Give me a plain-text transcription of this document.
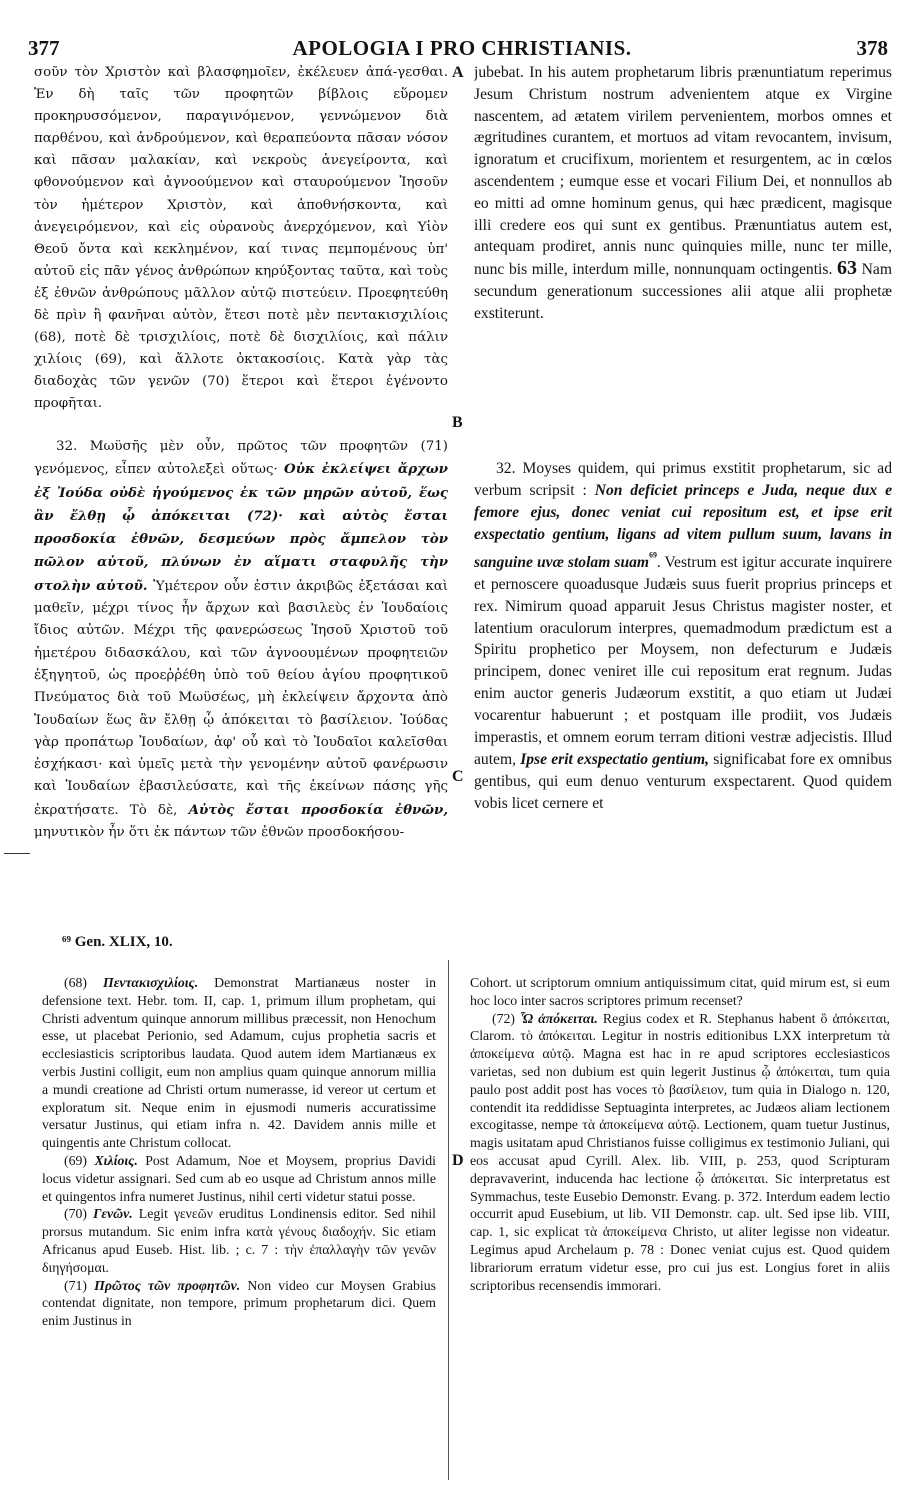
377	APOLOGIA I PRO CHRISTIANIS.	378
A
B
C
D

σοῦν τὸν Χριστὸν καὶ βλασφημοῖεν, ἐκέλευεν ἀπά-γεσθαι. Ἐν δὴ ταῖς τῶν προφητῶν βίβλοις εὕρομεν προκηρυσσόμενον, παραγινόμενον, γεννώμενον διὰ παρθένου, καὶ ἀνδρούμενον, καὶ θεραπεύοντα πᾶσαν νόσον καὶ πᾶσαν μαλακίαν, καὶ νεκροὺς ἀνεγείροντα, καὶ φθονούμενον καὶ ἀγνοούμενον καὶ σταυρούμενον Ἰησοῦν τὸν ἡμέτερον Χριστὸν, καὶ ἀποθνήσκοντα, καὶ ἀνεγειρόμενον, καὶ εἰς οὐρανοὺς ἀνερχόμενον, καὶ Υἱὸν Θεοῦ ὄντα καὶ κεκλημένον, καί τινας πεμπομένους ὑπ' αὐτοῦ εἰς πᾶν γένος ἀνθρώπων κηρύξοντας ταῦτα, καὶ τοὺς ἐξ ἐθνῶν ἀνθρώπους μᾶλλον αὐτῷ πιστεύειν. Προεφητεύθη δὲ πρὶν ἢ φανῆναι αὐτὸν, ἔτεσι ποτὲ μὲν πεντακισχιλίοις (68), ποτὲ δὲ τρισχιλίοις, ποτὲ δὲ δισχιλίοις, καὶ πάλιν χιλίοις (69), καὶ ἄλλοτε ὀκτακοσίοις. Κατὰ γὰρ τὰς διαδοχὰς τῶν γενῶν (70) ἕτεροι καὶ ἕτεροι ἐγένοντο προφῆται.

jubebat. In his autem prophetarum libris prænuntiatum reperimus Jesum Christum nostrum advenientem atque ex Virgine nascentem, ad ætatem virilem pervenientem, morbos omnes et ægritudines curantem, et mortuos ad vitam revocantem, invisum, ignoratum et crucifixum, morientem et resurgentem, ac in cœlos ascendentem ; eumque esse et vocari Filium Dei, et nonnullos ab eo mitti ad omne hominum genus, qui hæc prædicent, magisque illi credere eos qui sunt ex gentibus. Prænuntiatus autem est, antequam prodiret, annis nunc quinquies mille, nunc ter mille, nunc bis mille, interdum mille, nonnunquam octingentis. 63 Nam secundum generationum successiones alii atque alii prophetæ exstiterunt.

32. Μωϋσῆς μὲν οὖν, πρῶτος τῶν προφητῶν (71) γενόμενος, εἶπεν αὐτολεξεὶ οὕτως· Οὐκ ἐκλείψει ἄρχων ἐξ Ἰούδα οὐδὲ ἡγούμενος ἐκ τῶν μηρῶν αὐτοῦ, ἕως ἂν ἔλθῃ ᾧ ἀπόκειται (72)· καὶ αὐτὸς ἔσται προσδοκία ἐθνῶν, δεσμεύων πρὸς ἄμπελον τὸν πῶλον αὐτοῦ, πλύνων ἐν αἵματι σταφυλῆς τὴν στολὴν αὐτοῦ. Ὑμέτερον οὖν ἐστιν ἀκριβῶς ἐξετάσαι καὶ μαθεῖν, μέχρι τίνος ἦν ἄρχων καὶ βασιλεὺς ἐν Ἰουδαίοις ἴδιος αὐτῶν. Μέχρι τῆς φανερώσεως Ἰησοῦ Χριστοῦ τοῦ ἡμετέρου διδασκάλου, καὶ τῶν ἀγνοουμένων προφητειῶν ἐξηγητοῦ, ὡς προεῤῥέθη ὑπὸ τοῦ θείου ἁγίου προφητικοῦ Πνεύματος διὰ τοῦ Μωϋσέως, μὴ ἐκλείψειν ἄρχοντα ἀπὸ Ἰουδαίων ἕως ἂν ἔλθῃ ᾧ ἀπόκειται τὸ βασίλειον. Ἰούδας γὰρ προπάτωρ Ἰουδαίων, ἀφ' οὗ καὶ τὸ Ἰουδαῖοι καλεῖσθαι ἐσχήκασι· καὶ ὑμεῖς μετὰ τὴν γενομένην αὐτοῦ φανέρωσιν καὶ Ἰουδαίων ἐβασιλεύσατε, καὶ τῆς ἐκείνων πάσης γῆς ἐκρατήσατε. Τὸ δὲ, Αὐτὸς ἔσται προσδοκία ἐθνῶν, μηνυτικὸν ἦν ὅτι ἐκ πάντων τῶν ἐθνῶν προσδοκήσου-

32. Moyses quidem, qui primus exstitit prophetarum, sic ad verbum scripsit : Non deficiet princeps e Juda, neque dux e femore ejus, donec veniat cui repositum est, et ipse erit exspectatio gentium, ligans ad vitem pullum suum, lavans in sanguine uvæ stolam suam$^{^{69}}$. Vestrum est igitur accurate inquirere et pernoscere quoadusque Judæis suus fuerit proprius princeps et rex. Nimirum quoad apparuit Jesus Christus magister noster, et latentium oraculorum interpres, quemadmodum prædictum est a Spiritu prophetico per Moysem, non defecturum e Judæis principem, donec veniret ille cui repositum erat regnum. Judas enim auctor generis Judæorum exstitit, a quo etiam ut Judæi vocarentur habuerunt ; et postquam ille prodiit, vos Judæis imperastis, et omnem eorum terram ditioni vestræ adjecistis. Illud autem, Ipse erit exspectatio gentium, significabat fore ex omnibus gentibus, qui eum denuo venturum exspectarent. Quod quidem vobis licet cernere et

⁶⁹ Gen. XLIX, 10.

(68) Πεντακισχιλίοις. Demonstrat Martianæus noster in defensione text. Hebr. tom. II, cap. 1, primum illum prophetam, qui Christi adventum quinque annorum millibus præcessit, non Henochum esse, ut placebat Perionio, sed Adamum, cujus prophetia sacris et ecclesiasticis scriptoribus laudata. Quod autem idem Martianæus ex verbis Justini colligit, eum non amplius quam quinque annorum millia a mundi creatione ad Christi ortum numerasse, id vereor ut certum et exploratum sit. Neque enim in ejusmodi numeris accuratissime versatur Justinus, qui etiam infra n. 42. Davidem annis mille et quingentis ante Christum collocat.

(69) Χιλίοις. Post Adamum, Noe et Moysem, proprius Davidi locus videtur assignari. Sed cum ab eo usque ad Christum annos mille et quingentos infra numeret Justinus, nihil certi videtur statui posse.

(70) Γενῶν. Legit γενεῶν eruditus Londinensis editor. Sed nihil prorsus mutandum. Sic enim infra κατὰ γένους διαδοχήν. Sic etiam Africanus apud Euseb. Hist. lib. ; c. 7 : τὴν ἐπαλλαγὴν τῶν γενῶν διηγήσομαι.

(71) Πρῶτος τῶν προφητῶν. Non video cur Moysen Grabius contendat dignitate, non tempore, primum prophetarum dici. Quem enim Justinus in

Cohort. ut scriptorum omnium antiquissimum citat, quid mirum est, si eum hoc loco inter sacros scriptores primum recenset?

(72) Ὧ ἀπόκειται. Regius codex et R. Stephanus habent ὃ ἀπόκειται, Clarom. τὸ ἀπόκειται. Legitur in nostris editionibus LXX interpretum τὰ ἀποκείμενα αὐτῷ. Magna est hac in re apud scriptores ecclesiasticos varietas, sed non dubium est quin legerit Justinus ᾧ ἀπόκειται, tum quia paulo post addit post has voces τὸ βασίλειον, tum quia in Dialogo n. 120, contendit ita reddidisse Septuaginta interpretes, ac Judæos aliam lectionem excogitasse, nempe τὰ ἀποκείμενα αὐτῷ. Lectionem, quam tuetur Justinus, magis usitatam apud Christianos fuisse colligimus ex testimonio Juliani, qui eos accusat apud Cyrill. Alex. lib. VIII, p. 253, quod Scripturam depravaverint, inducenda hac lectione ᾧ ἀπόκειται. Sic interpretatus est Symmachus, teste Eusebio Demonstr. Evang. p. 372. Interdum eadem lectio occurrit apud Eusebium, ut lib. VII Demonstr. cap. ult. Sed ipse lib. VIII, cap. 1, sic explicat τὰ ἀποκείμενα Christo, ut aliter legisse non videatur. Legimus apud Archelaum p. 78 : Donec veniat cujus est. Quod quidem librariorum erratum videtur esse, pro cui jus est. Longius foret in aliis scriptoribus recensendis immorari.
